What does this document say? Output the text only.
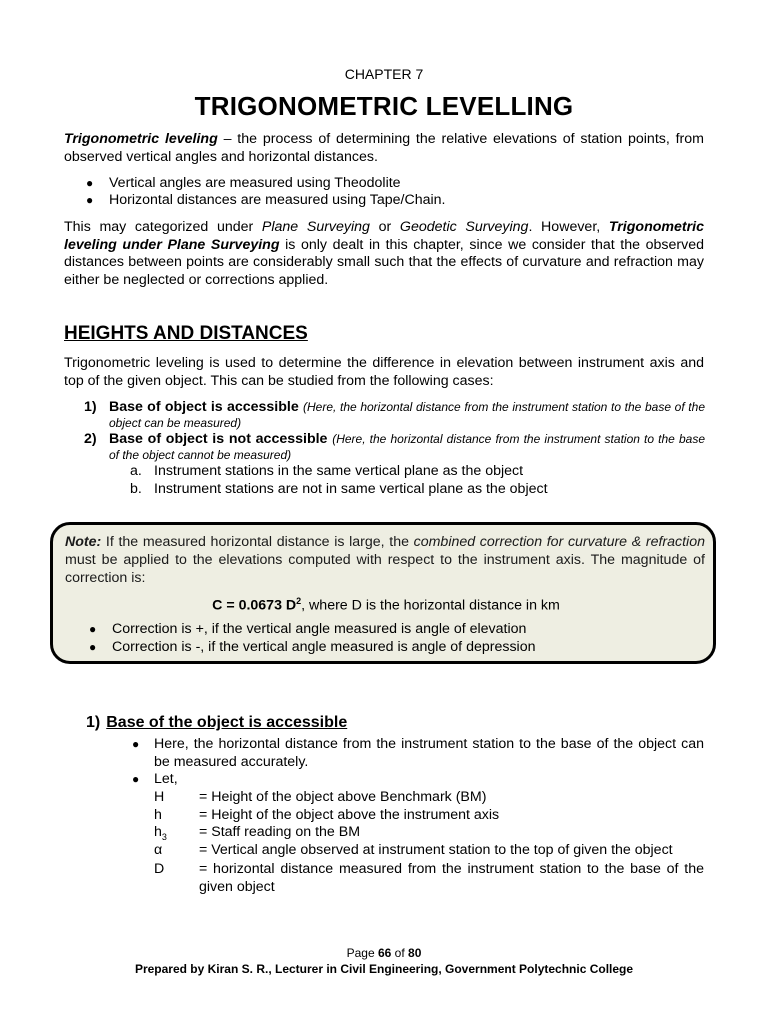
CHAPTER 7
TRIGONOMETRIC LEVELLING

Trigonometric leveling – the process of determining the relative elevations of station points, from observed vertical angles and horizontal distances.

● Vertical angles are measured using Theodolite
● Horizontal distances are measured using Tape/Chain.

This may categorized under Plane Surveying or Geodetic Surveying. However, Trigonometric leveling under Plane Surveying is only dealt in this chapter, since we consider that the observed distances between points are considerably small such that the effects of curvature and refraction may either be neglected or corrections applied.

HEIGHTS AND DISTANCES

Trigonometric leveling is used to determine the difference in elevation between instrument axis and top of the given object. This can be studied from the following cases:

1) Base of object is accessible (Here, the horizontal distance from the instrument station to the base of the object can be measured)
2) Base of object is not accessible (Here, the horizontal distance from the instrument station to the base of the object cannot be measured)
a. Instrument stations in the same vertical plane as the object
b. Instrument stations are not in same vertical plane as the object
Note: If the measured horizontal distance is large, the combined correction for curvature & refraction must be applied to the elevations computed with respect to the instrument axis. The magnitude of correction is:
C = 0.0673 $D^2$, where D is the horizontal distance in km
● Correction is +, if the vertical angle measured is angle of elevation
● Correction is -, if the vertical angle measured is angle of depression
1) Base of the object is accessible
● Here, the horizontal distance from the instrument station to the base of the object can be measured accurately.
● Let,
H = Height of the object above Benchmark (BM)
h	= Height of the object above the instrument axis
$h_3$ = Staff reading on the BM
α	= Vertical angle observed at instrument station to the top of given the object
D = horizontal distance measured from the instrument station to the base of the given object
Page 66 of 80
Prepared by Kiran S. R., Lecturer in Civil Engineering, Government Polytechnic College
